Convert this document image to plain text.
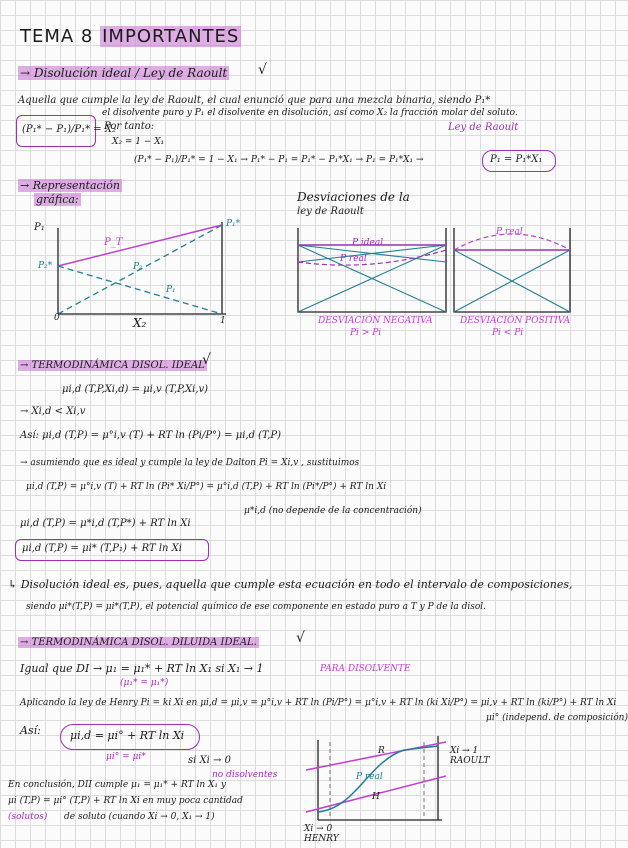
TEMA 8 IMPORTANTES
→ Disolución ideal / Ley de Raoult √
Aquella que cumple la ley de Raoult, el cual enunció que para una mezcla binaria, siendo P₁*
el disolvente puro y P₁ el disolvente en disolución, así como X₂ la fracción molar del soluto.
(P₁* − P₁)/P₁* = X₂
Por tanto:
X₂ = 1 − X₁
(P₁* − P₁)/P₁* = 1 − X₁ → P₁* − P₁ = P₁* − P₁*X₁ → P₁ = P₁*X₁ →	P₁ = P₁*X₁
Ley de Raoult
→ Representación
gráfica:
P₁
P₂*
P₁*
P_T
P₂
P₁
0	1
X₂
Desviaciones de la
ley de Raoult
P ideal
P real
P real
DESVIACIÓN NEGATIVA
Pi > Pi
DESVIACIÓN POSITIVA
Pi < Pi
→ TERMODINÁMICA DISOL. IDEAL
√
μi,d (T,P,Xi,d) = μi,v (T,P,Xi,v)
→ Xi,d < Xi,v
Así: μi,d (T,P) = μ°i,v (T) + RT ln (Pi/P°) = μi,d (T,P)
→ asumiendo que es ideal y cumple la ley de Dalton Pi = Xi,v , sustituimos
μi,d (T,P) = μ°i,v (T) + RT ln (Pi* Xi/P°) = μ°i,d (T,P) + RT ln (Pi*/P°) + RT ln Xi
μ*i,d (no depende de la concentración)
μi,d (T,P) = μ*i,d (T,P*) + RT ln Xi
μi,d (T,P) = μi* (T,P₁) + RT ln Xi
↳ Disolución ideal es, pues, aquella que cumple esta ecuación en todo el intervalo de composiciones,
siendo μi*(T,P) = μi*(T,P), el potencial químico de ese componente en estado puro a T y P de la disol.
→ TERMODINÁMICA DISOL. DILUIDA IDEAL.	√
Igual que DI → μ₁ = μ₁* + RT ln X₁ si X₁ → 1	PARA DISOLVENTE
(μ₁* = μ₁*)
Aplicando la ley de Henry Pi = ki Xi en μi,d = μi,v = μ°i,v + RT ln (Pi/P°) = μ°i,v + RT ln (ki Xi/P°) = μi,v + RT ln (ki/P°) + RT ln Xi
μi° (independ. de composición)
Así:	μi,d = μi° + RT ln Xi
μi° = μi*	si Xi → 0
no disolventes
En conclusión, DII cumple μ₁ = μ₁* + RT ln X₁ y
μi (T,P) = μi° (T,P) + RT ln Xi en muy poca cantidad
(solutos) de soluto (cuando Xi → 0, X₁ → 1)
Xi → 1
RAOULT
P real
R
H
Xi → 0
HENRY
